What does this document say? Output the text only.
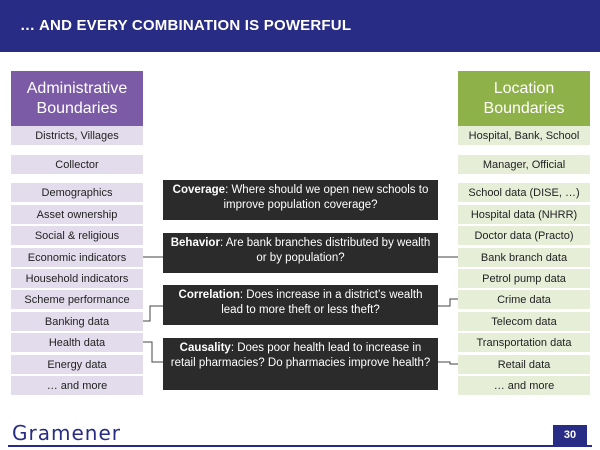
… AND EVERY COMBINATION IS POWERFUL
Administrative
Boundaries
Districts, Villages
Collector
Demographics
Asset ownership
Social & religious
Economic indicators
Household indicators
Scheme performance
Banking data
Health data
Energy data
… and more
Location
Boundaries
Hospital, Bank, School
Manager, Official
School data (DISE, …)
Hospital data (NHRR)
Doctor data (Practo)
Bank branch data
Petrol pump data
Crime data
Telecom data
Transportation data
Retail data
… and more
Coverage: Where should we open new schools to improve population coverage?
Behavior: Are bank branches distributed by wealth or by population?
Correlation: Does increase in a district’s wealth lead to more theft or less theft?
Causality: Does poor health lead to increase in retail pharmacies? Do pharmacies improve health?
Gramener	30
